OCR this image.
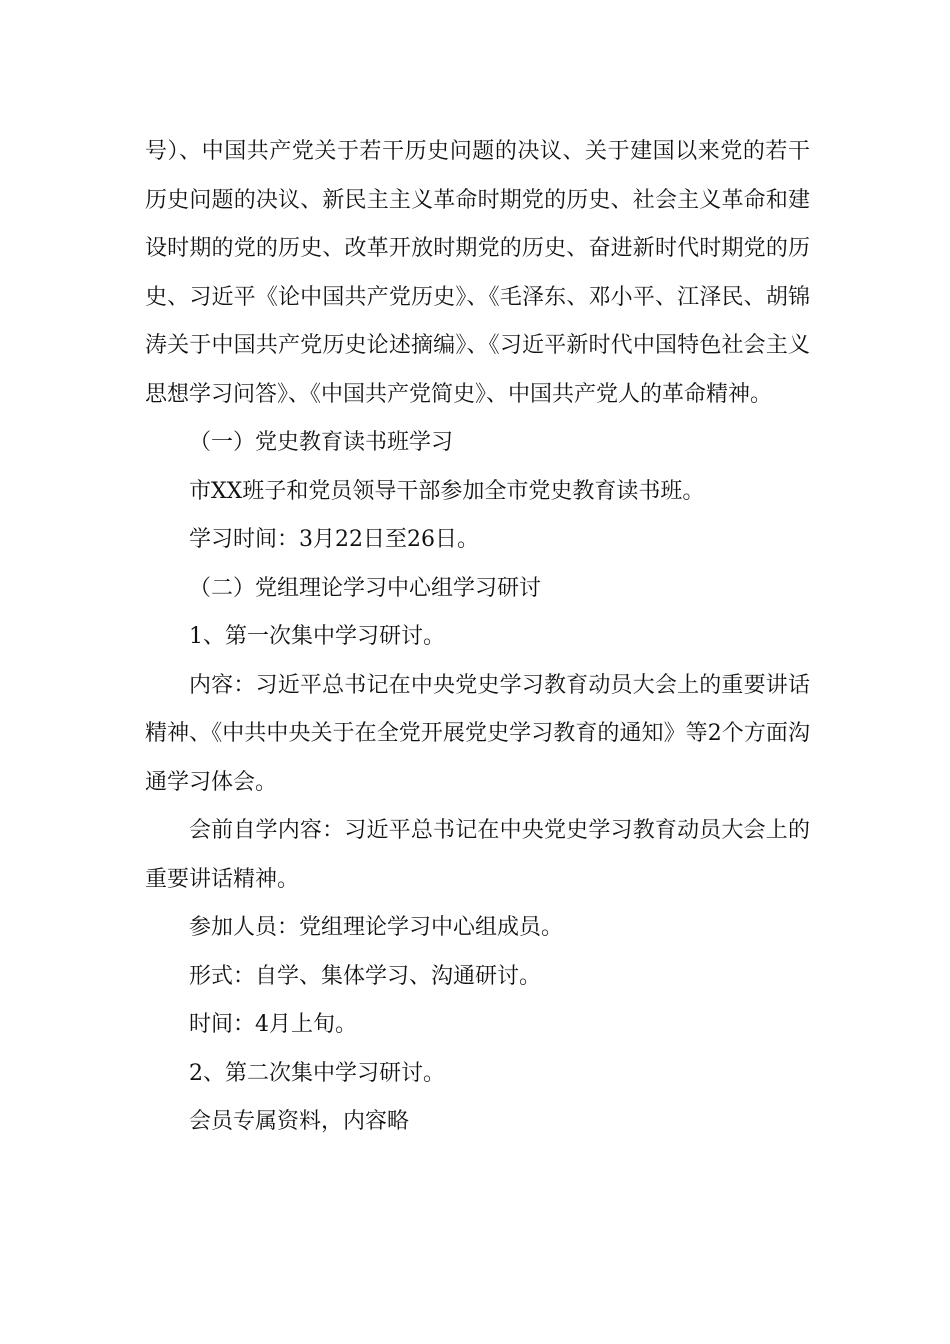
号）、中国共产党关于若干历史问题的决议、关于建国以来党的若干历史问题的决议、新民主主义革命时期党的历史、社会主义革命和建设时期的党的历史、改革开放时期党的历史、奋进新时代时期党的历史、习近平《论中国共产党历史》、《毛泽东、邓小平、江泽民、胡锦涛关于中国共产党历史论述摘编》、《习近平新时代中国特色社会主义思想学习问答》、《中国共产党简史》、中国共产党人的革命精神。

（一）党史教育读书班学习

市XX班子和党员领导干部参加全市党史教育读书班。

学习时间：3月22日至26日。

（二）党组理论学习中心组学习研讨

1、第一次集中学习研讨。

内容：习近平总书记在中央党史学习教育动员大会上的重要讲话精神、《中共中央关于在全党开展党史学习教育的通知》等2个方面沟通学习体会。

会前自学内容：习近平总书记在中央党史学习教育动员大会上的重要讲话精神。

参加人员：党组理论学习中心组成员。

形式：自学、集体学习、沟通研讨。

时间：4月上旬。

2、第二次集中学习研讨。

会员专属资料，内容略
